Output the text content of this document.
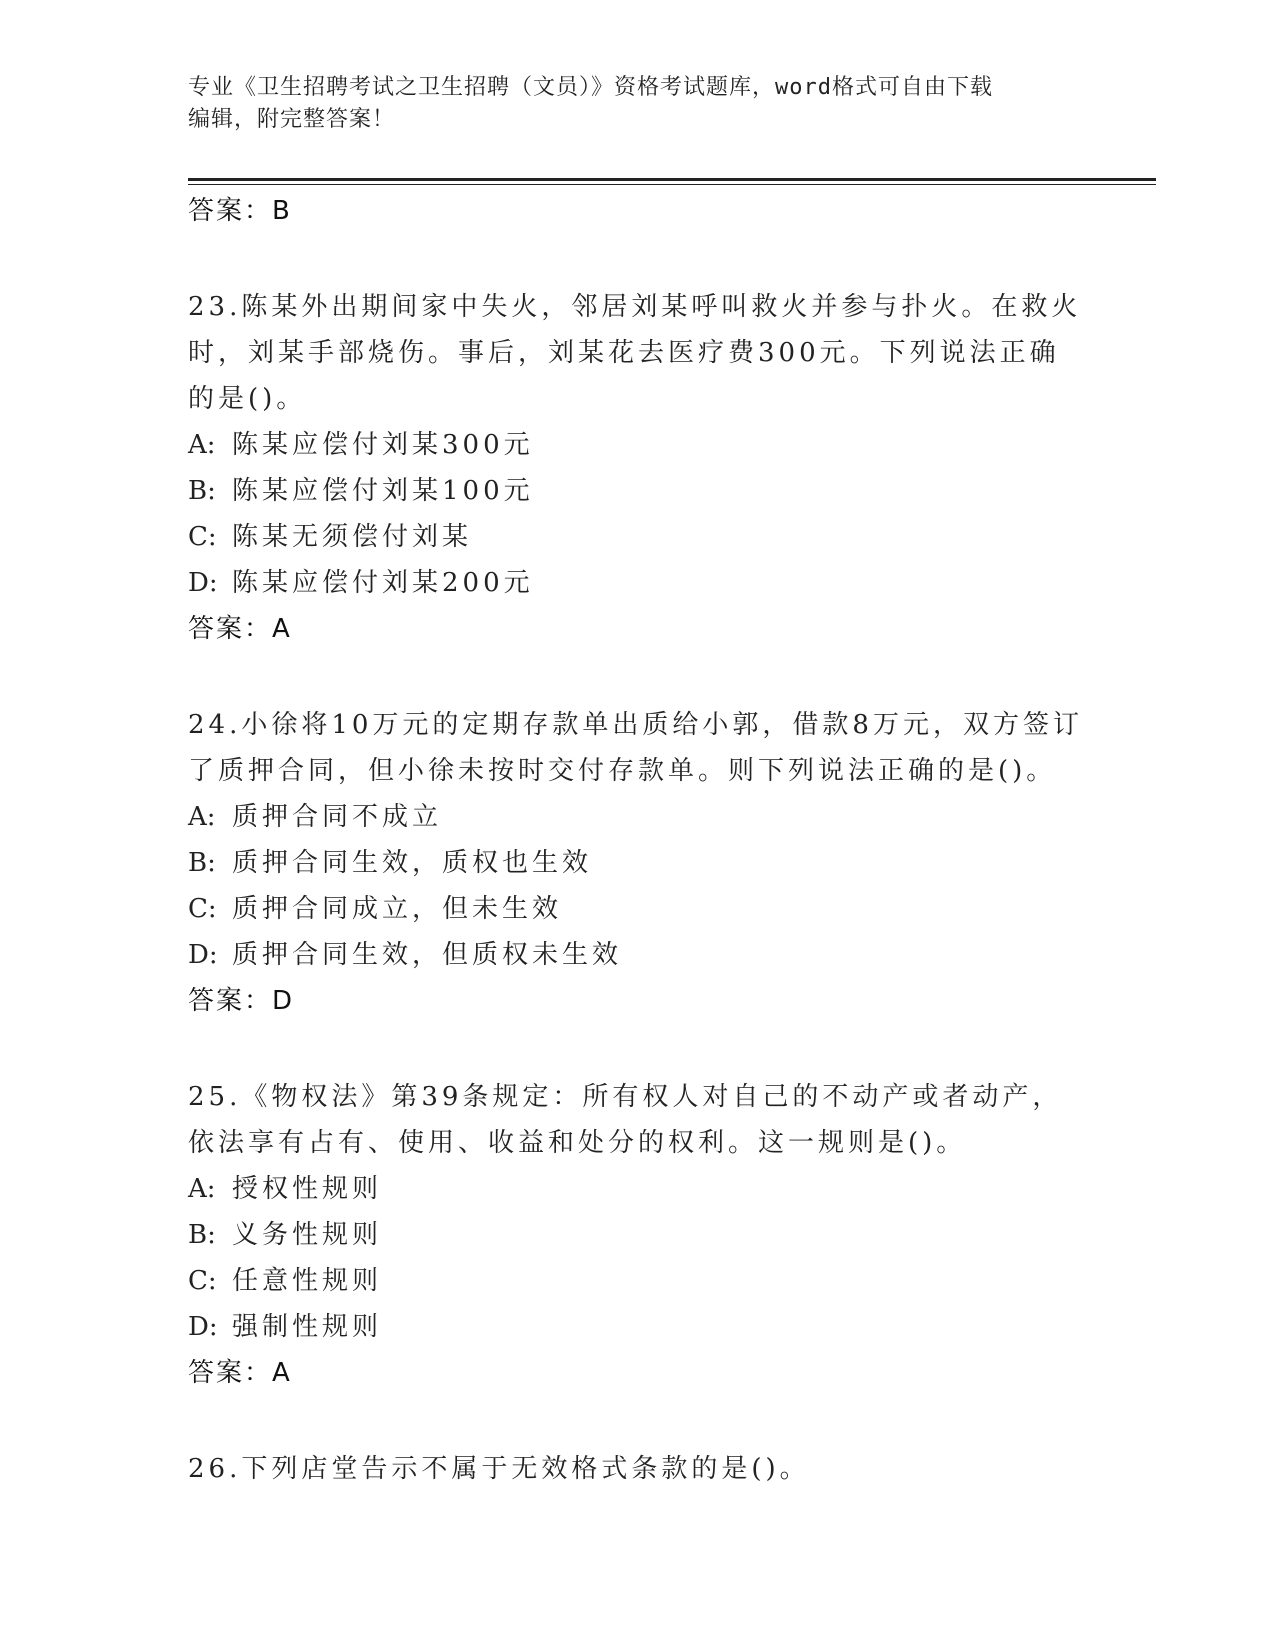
专业《卫生招聘考试之卫生招聘（文员）》资格考试题库，word格式可自由下载
编辑，附完整答案！

答案：B

23.陈某外出期间家中失火，邻居刘某呼叫救火并参与扑火。在救火时，刘某手部烧伤。事后，刘某花去医疗费300元。下列说法正确的是()。

A: 陈某应偿付刘某300元

B: 陈某应偿付刘某100元

C: 陈某无须偿付刘某

D: 陈某应偿付刘某200元

答案：A

24.小徐将10万元的定期存款单出质给小郭，借款8万元，双方签订了质押合同，但小徐未按时交付存款单。则下列说法正确的是()。

A: 质押合同不成立

B: 质押合同生效，质权也生效

C: 质押合同成立，但未生效

D: 质押合同生效，但质权未生效

答案：D

25.《物权法》第39条规定：所有权人对自己的不动产或者动产，依法享有占有、使用、收益和处分的权利。这一规则是()。

A: 授权性规则

B: 义务性规则

C: 任意性规则

D: 强制性规则

答案：A

26.下列店堂告示不属于无效格式条款的是()。
